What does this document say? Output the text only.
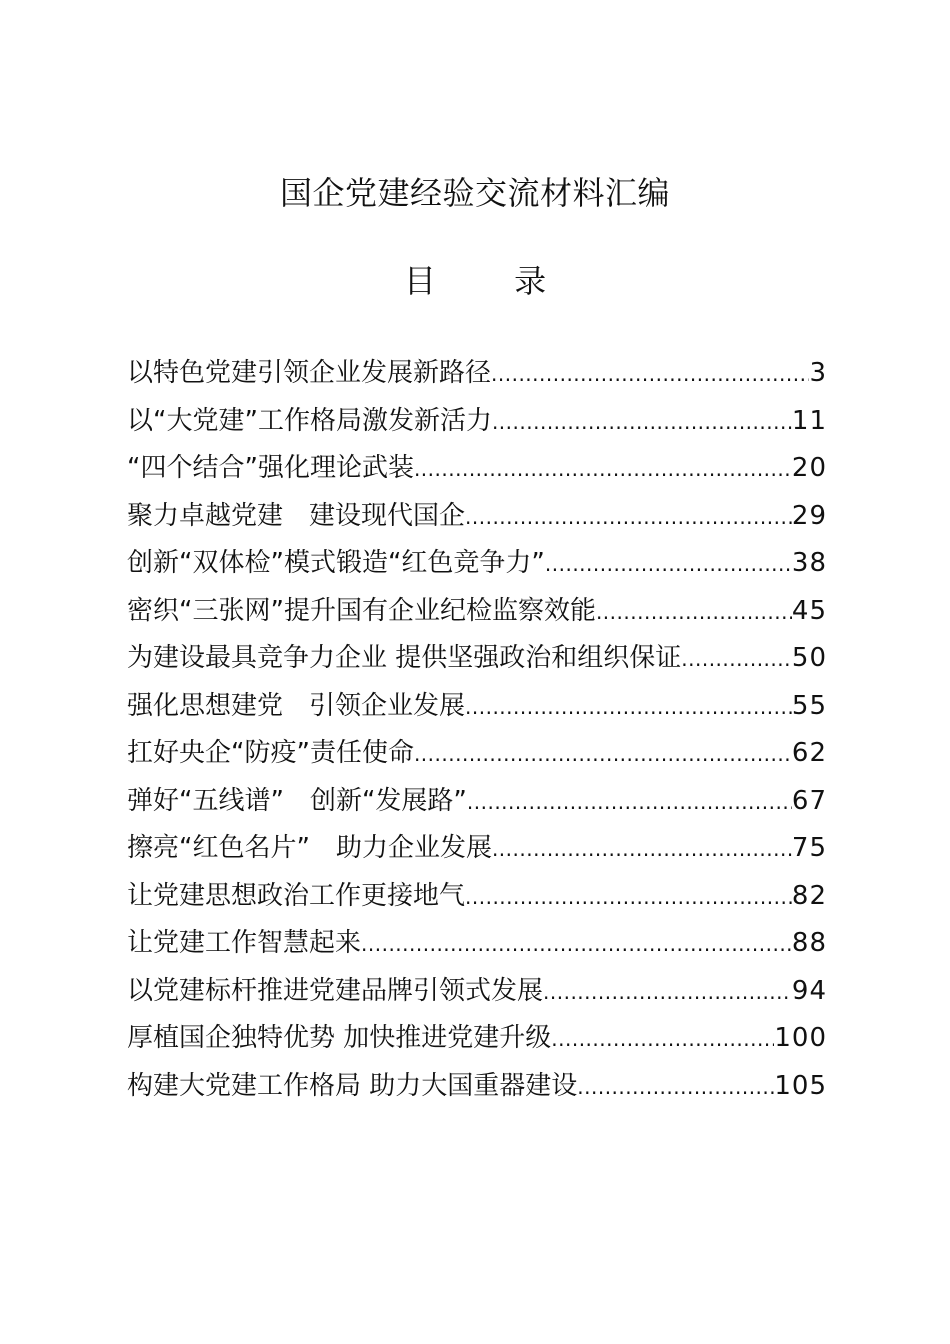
国企党建经验交流材料汇编
目 录
以特色党建引领企业发展新路径 .....	3
以“大党建”工作格局激发新活力 .....	11
“四个结合”强化理论武装 .....	20
聚力卓越党建　建设现代国企 .....	29
创新“双体检”模式锻造“红色竞争力” .....	38
密织“三张网”提升国有企业纪检监察效能 .....	45
为建设最具竞争力企业 提供坚强政治和组织保证 .....	50
强化思想建党　引领企业发展 .....	55
扛好央企“防疫”责任使命 .....	62
弹好“五线谱”　创新“发展路” .....	67
擦亮“红色名片”　助力企业发展 .....	75
让党建思想政治工作更接地气 .....	82
让党建工作智慧起来 .....	88
以党建标杆推进党建品牌引领式发展 .....	94
厚植国企独特优势 加快推进党建升级 .....	100
构建大党建工作格局 助力大国重器建设 .....	105
